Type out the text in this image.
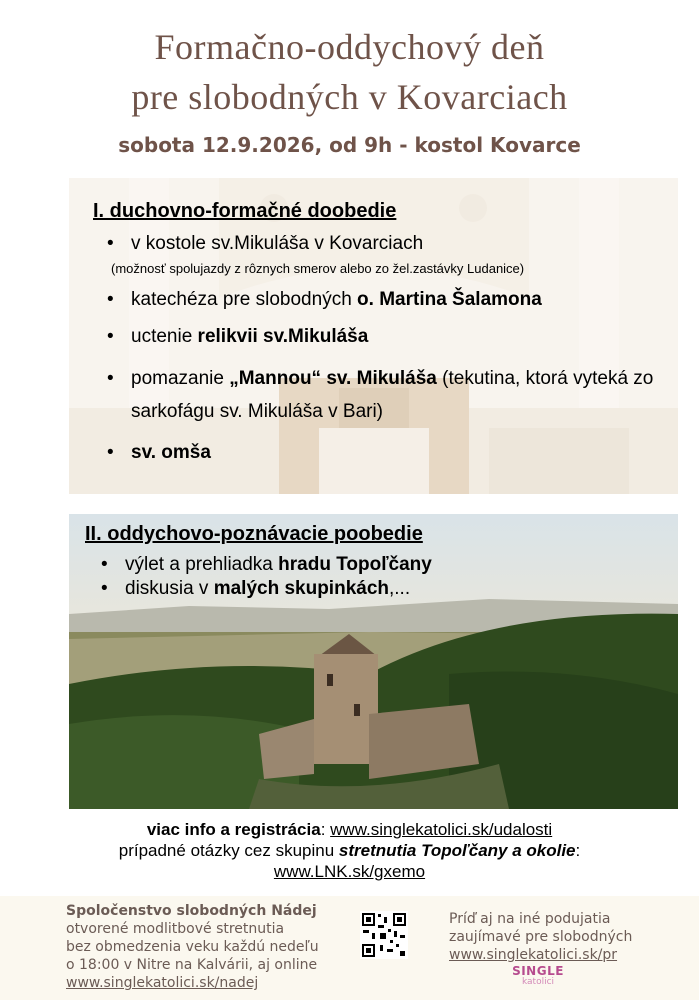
Formačno-oddychový deň
pre slobodných v Kovarciach
sobota 12.9.2026, od 9h - kostol Kovarce
I. duchovno-formačné doobedie
• v kostole sv.Mikuláša v Kovarciach
(možnosť spolujazdy z rôznych smerov alebo zo žel.zastávky Ludanice)
• katechéza pre slobodných o. Martina Šalamona
• uctenie relikvii sv.Mikuláša
• pomazanie „Mannou“ sv. Mikuláša (tekutina, ktorá vyteká zo sarkofágu sv. Mikuláša v Bari)
• sv. omša
II. oddychovo-poznávacie poobedie
• výlet a prehliadka hradu Topoľčany
• diskusia v malých skupinkách,...
viac info a registrácia: www.singlekatolici.sk/udalosti
prípadné otázky cez skupinu stretnutia Topoľčany a okolie:
www.LNK.sk/gxemo
Spoločenstvo slobodných Nádej
otvorené modlitbové stretnutia
bez obmedzenia veku každú nedeľu
o 18:00 v Nitre na Kalvárii, aj online
www.singlekatolici.sk/nadej
Príď aj na iné podujatia
zaujímavé pre slobodných
www.singlekatolici.sk/pr
SINGLE
katolici
